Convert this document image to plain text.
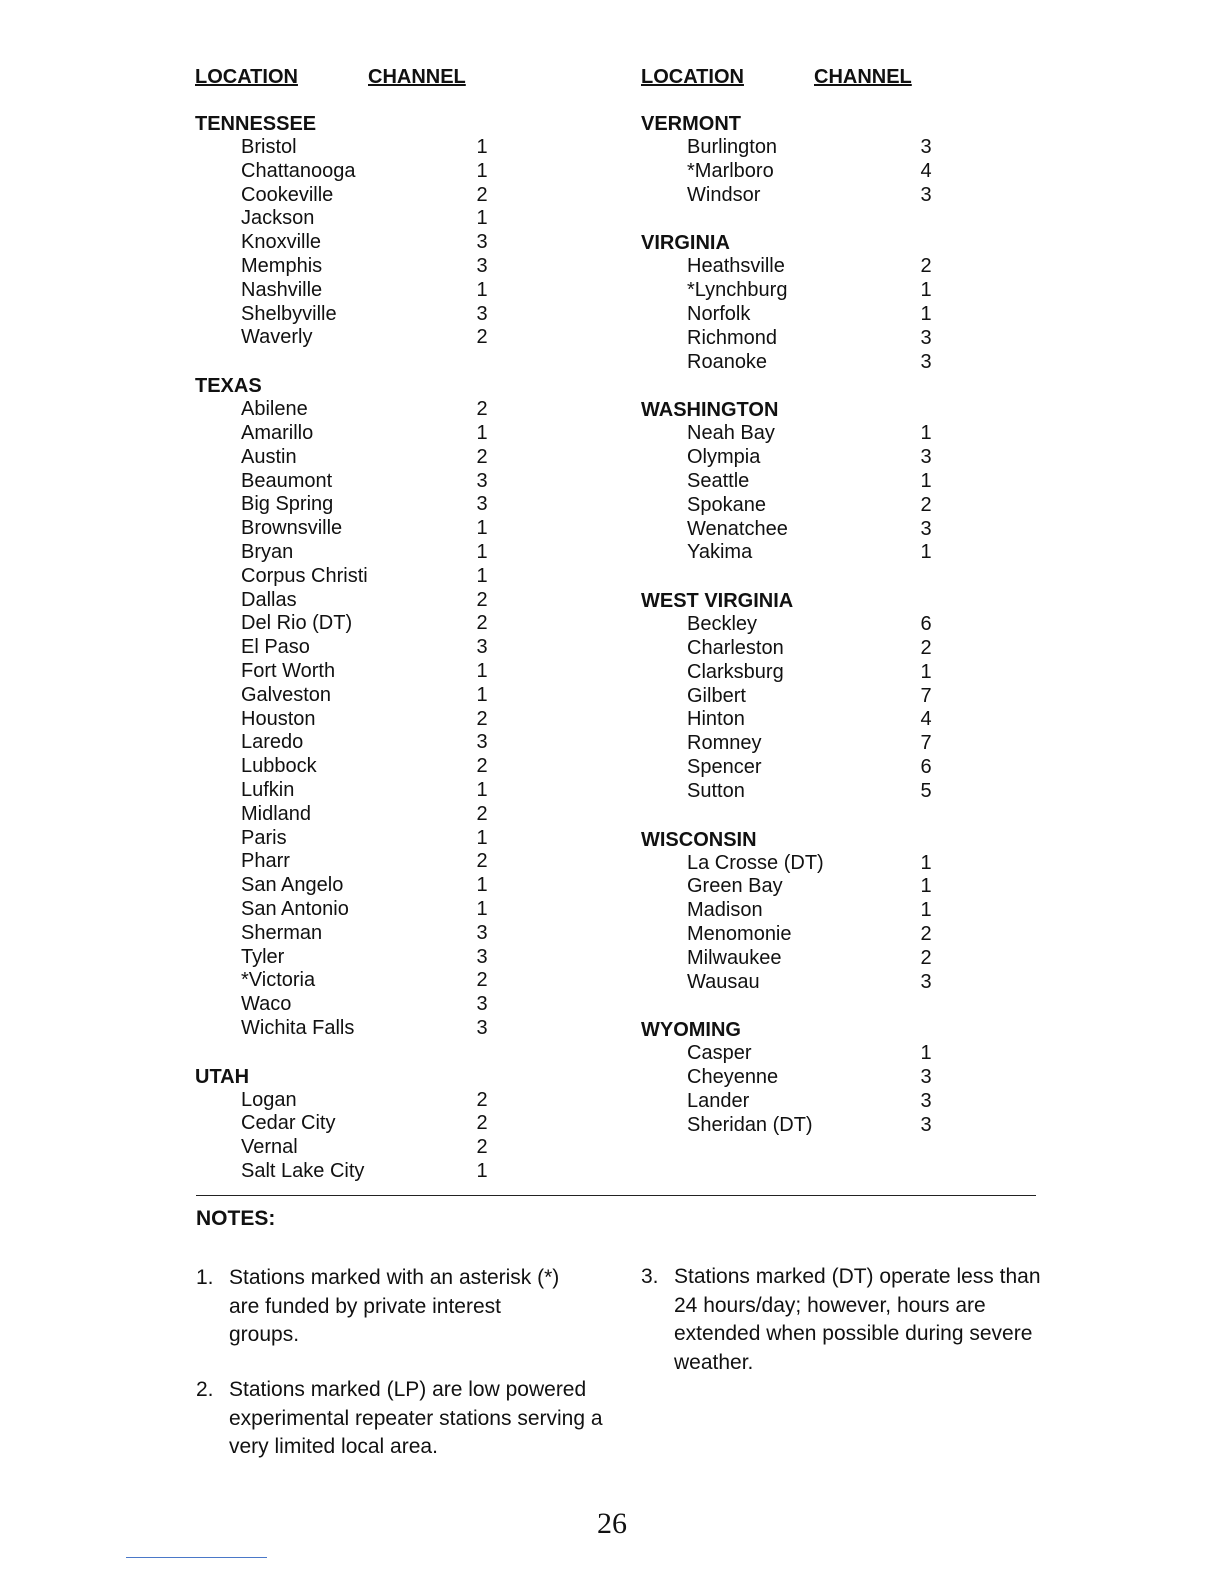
LOCATION	CHANNEL
TENNESSEE
Bristol	1
Chattanooga	1
Cookeville	2
Jackson	1
Knoxville	3
Memphis	3
Nashville	1
Shelbyville	3
Waverly	2
TEXAS
Abilene	2
Amarillo	1
Austin	2
Beaumont	3
Big Spring	3
Brownsville	1
Bryan	1
Corpus Christi	1
Dallas	2
Del Rio (DT)	2
El Paso	3
Fort Worth	1
Galveston	1
Houston	2
Laredo	3
Lubbock	2
Lufkin	1
Midland	2
Paris	1
Pharr	2
San Angelo	1
San Antonio	1
Sherman	3
Tyler	3
*Victoria	2
Waco	3
Wichita Falls	3
UTAH
Logan	2
Cedar City	2
Vernal	2
Salt Lake City	1
LOCATION	CHANNEL
VERMONT
Burlington	3
*Marlboro	4
Windsor	3
VIRGINIA
Heathsville	2
*Lynchburg	1
Norfolk	1
Richmond	3
Roanoke	3
WASHINGTON
Neah Bay	1
Olympia	3
Seattle	1
Spokane	2
Wenatchee	3
Yakima	1
WEST VIRGINIA
Beckley	6
Charleston	2
Clarksburg	1
Gilbert	7
Hinton	4
Romney	7
Spencer	6
Sutton	5
WISCONSIN
La Crosse (DT)	1
Green Bay	1
Madison	1
Menomonie	2
Milwaukee	2
Wausau	3
WYOMING
Casper	1
Cheyenne	3
Lander	3
Sheridan (DT)	3
NOTES:
1. Stations marked with an asterisk (*) are funded by private interest groups.
2. Stations marked (LP) are low powered experimental repeater stations serving a very limited local area.
3. Stations marked (DT) operate less than 24 hours/day; however, hours are extended when possible during severe weather.
26
